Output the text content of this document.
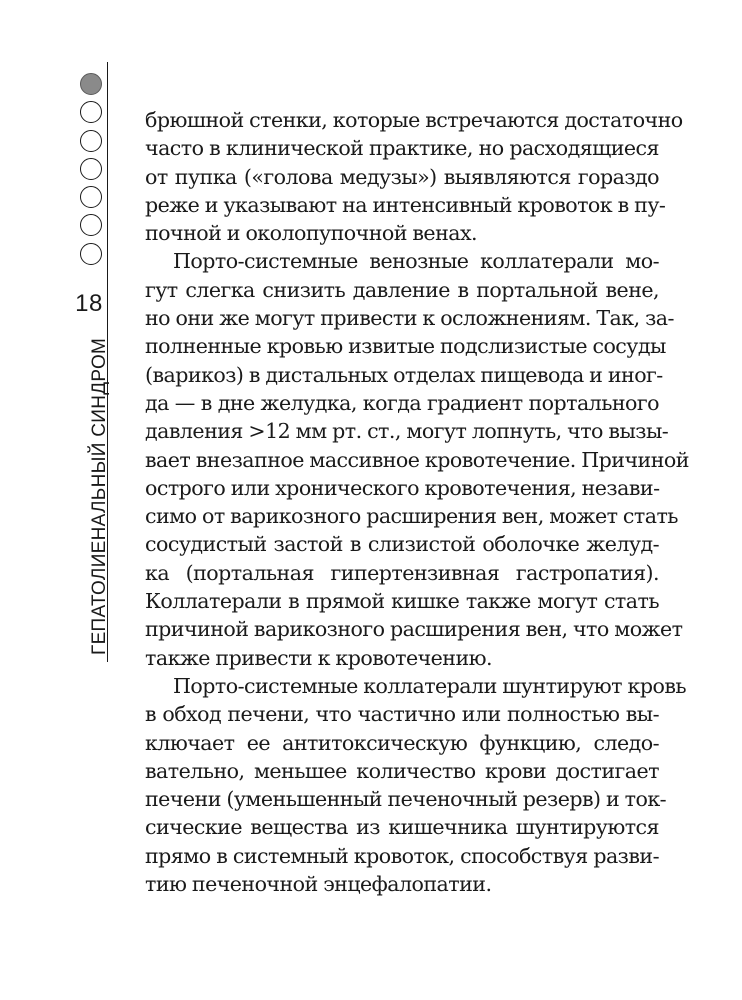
18
ГЕПАТОЛИЕНАЛЬНЫЙ СИНДРОМ

брюшной стенки, которые встречаются достаточно
часто в клинической практике, но расходящиеся
от пупка («голова медузы») выявляются гораздо
реже и указывают на интенсивный кровоток в пу-
почной и околопупочной венах.

Порто-системные венозные коллатерали мо-
гут слегка снизить давление в портальной вене,
но они же могут привести к осложнениям. Так, за-
полненные кровью извитые подслизистые сосуды
(варикоз) в дистальных отделах пищевода и иног-
да — в дне желудка, когда градиент портального
давления >12 мм рт. ст., могут лопнуть, что вызы-
вает внезапное массивное кровотечение. Причиной
острого или хронического кровотечения, незави-
симо от варикозного расширения вен, может стать
сосудистый застой в слизистой оболочке желуд-
ка (портальная гипертензивная гастропатия).
Коллатерали в прямой кишке также могут стать
причиной варикозного расширения вен, что может
также привести к кровотечению.

Порто-системные коллатерали шунтируют кровь
в обход печени, что частично или полностью вы-
ключает ее антитоксическую функцию, следо-
вательно, меньшее количество крови достигает
печени (уменьшенный печеночный резерв) и ток-
сические вещества из кишечника шунтируются
прямо в системный кровоток, способствуя разви-
тию печеночной энцефалопатии.
